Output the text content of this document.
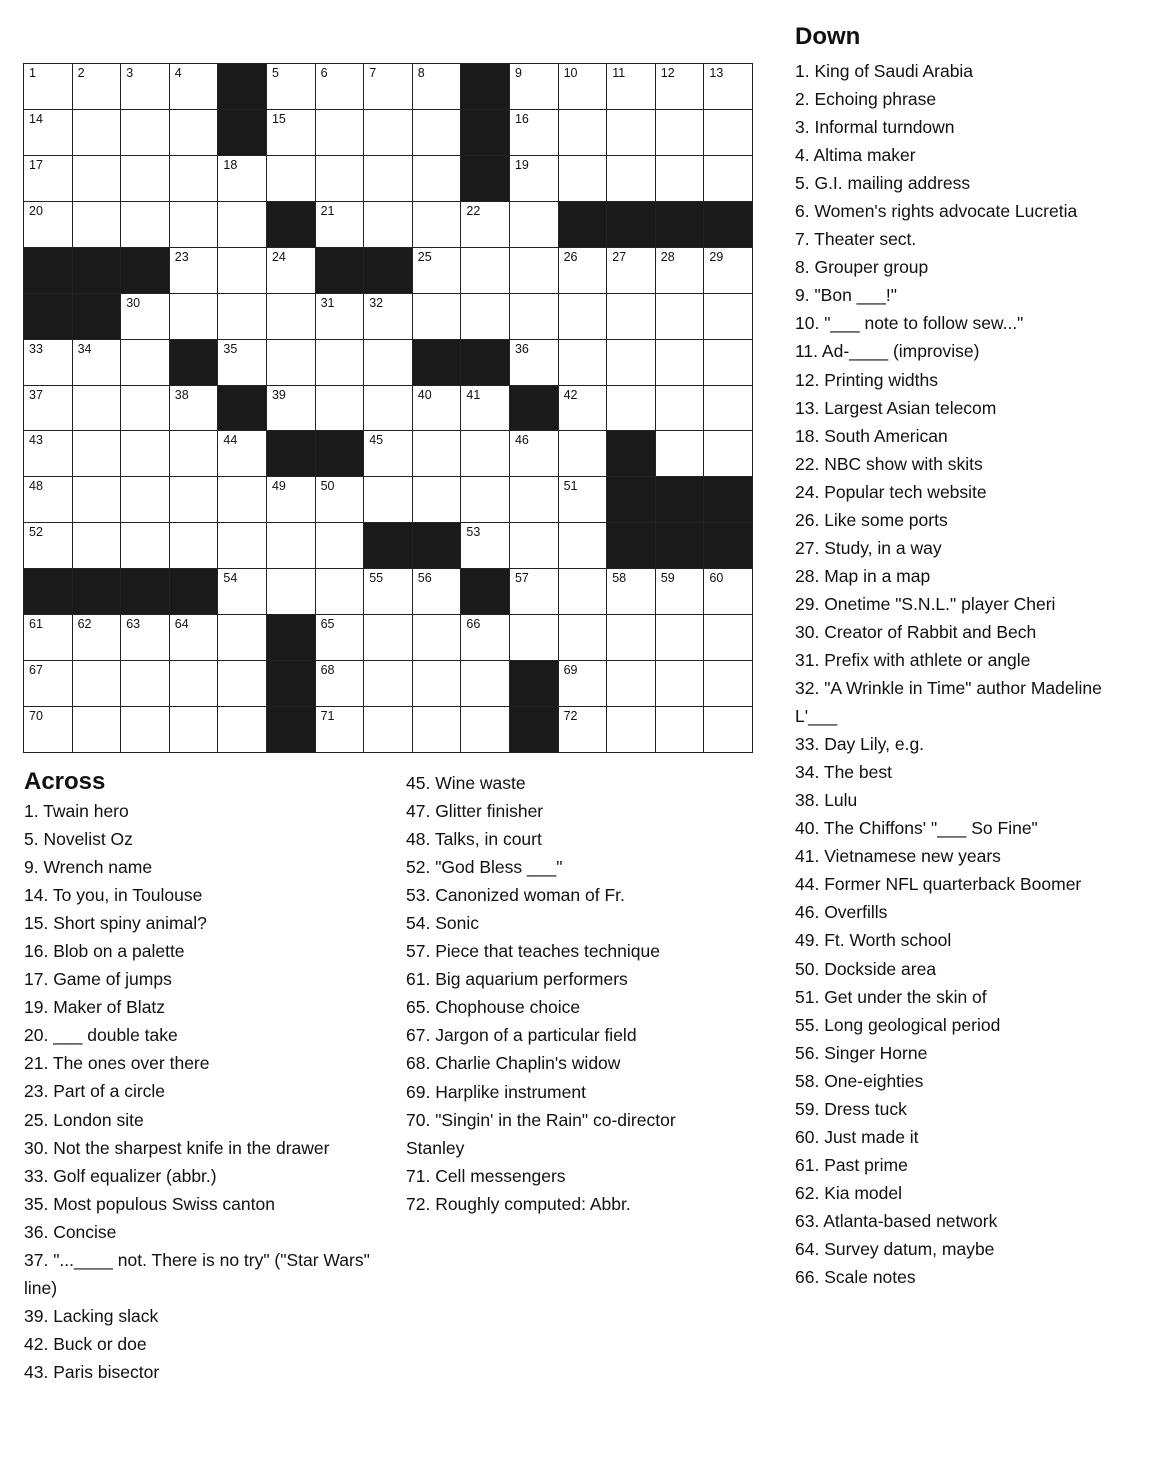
1	2	3	4	5	6	7	8	9	10	11	12	13
14	15	16
17	18	19
20	21	22
23	24	25	26	27	28	29
30	31	32
33	34	35	36
37	38	39	40	41	42
43	44	45	46
48	49	50	51
52	53
54	55	56	57	58	59	60
61	62	63	64	65	66
67	68	69
70	71	72
Across
1. Twain hero
5. Novelist Oz
9. Wrench name
14. To you, in Toulouse
15. Short spiny animal?
16. Blob on a palette
17. Game of jumps
19. Maker of Blatz
20. ___ double take
21. The ones over there
23. Part of a circle
25. London site
30. Not the sharpest knife in the drawer
33. Golf equalizer (abbr.)
35. Most populous Swiss canton
36. Concise
37. "...____ not. There is no try" ("Star Wars" line)
39. Lacking slack
42. Buck or doe
43. Paris bisector
45. Wine waste
47. Glitter finisher
48. Talks, in court
52. "God Bless ___"
53. Canonized woman of Fr.
54. Sonic
57. Piece that teaches technique
61. Big aquarium performers
65. Chophouse choice
67. Jargon of a particular field
68. Charlie Chaplin's widow
69. Harplike instrument
70. "Singin' in the Rain" co-director Stanley
71. Cell messengers
72. Roughly computed: Abbr.
Down
1. King of Saudi Arabia
2. Echoing phrase
3. Informal turndown
4. Altima maker
5. G.I. mailing address
6. Women's rights advocate Lucretia
7. Theater sect.
8. Grouper group
9. "Bon ___!"
10. "___ note to follow sew..."
11. Ad-____ (improvise)
12. Printing widths
13. Largest Asian telecom
18. South American
22. NBC show with skits
24. Popular tech website
26. Like some ports
27. Study, in a way
28. Map in a map
29. Onetime "S.N.L." player Cheri
30. Creator of Rabbit and Bech
31. Prefix with athlete or angle
32. "A Wrinkle in Time" author Madeline L'___
33. Day Lily, e.g.
34. The best
38. Lulu
40. The Chiffons' "___ So Fine"
41. Vietnamese new years
44. Former NFL quarterback Boomer
46. Overfills
49. Ft. Worth school
50. Dockside area
51. Get under the skin of
55. Long geological period
56. Singer Horne
58. One-eighties
59. Dress tuck
60. Just made it
61. Past prime
62. Kia model
63. Atlanta-based network
64. Survey datum, maybe
66. Scale notes
